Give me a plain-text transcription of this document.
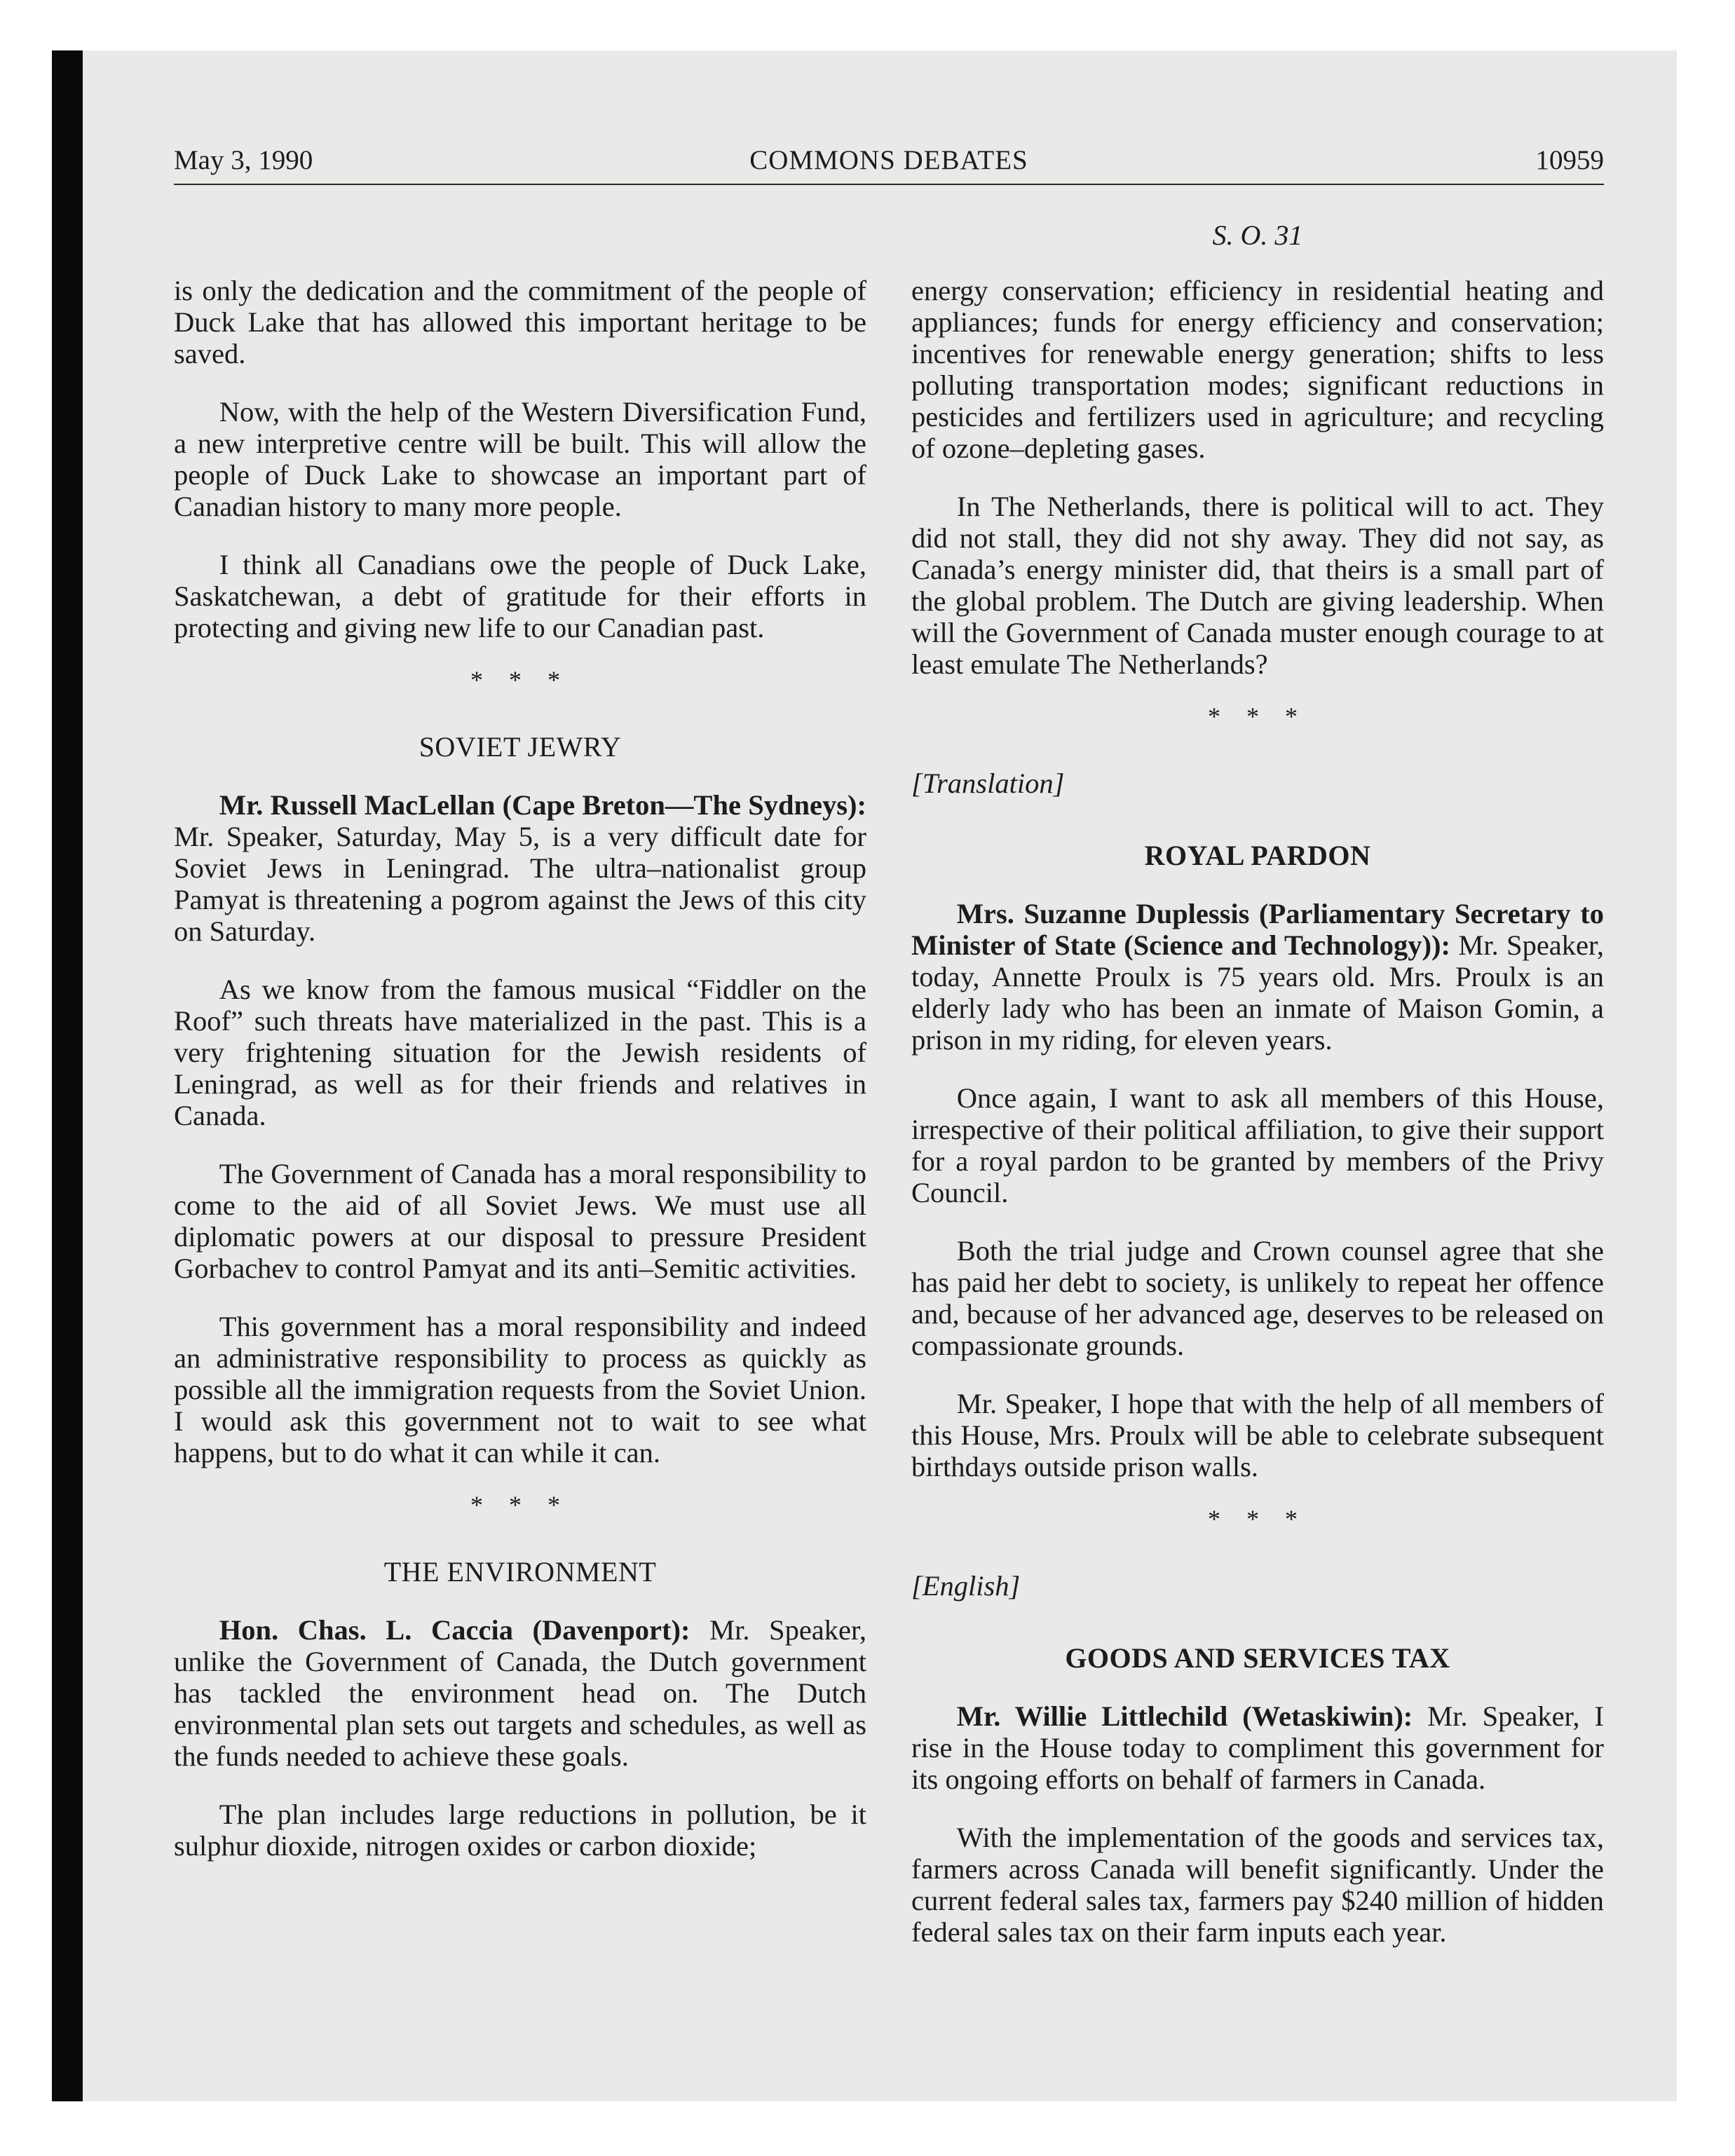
May 3, 1990	COMMONS DEBATES	10959
S. O. 31

is only the dedication and the commitment of the people of Duck Lake that has allowed this important heritage to be saved.

Now, with the help of the Western Diversification Fund, a new interpretive centre will be built. This will allow the people of Duck Lake to showcase an important part of Canadian history to many more people.

I think all Canadians owe the people of Duck Lake, Saskatchewan, a debt of gratitude for their efforts in protecting and giving new life to our Canadian past.

* * *
SOVIET JEWRY

Mr. Russell MacLellan (Cape Breton—The Sydneys): Mr. Speaker, Saturday, May 5, is a very difficult date for Soviet Jews in Leningrad. The ultra–nationalist group Pamyat is threatening a pogrom against the Jews of this city on Saturday.

As we know from the famous musical “Fiddler on the Roof” such threats have materialized in the past. This is a very frightening situation for the Jewish residents of Leningrad, as well as for their friends and relatives in Canada.

The Government of Canada has a moral responsibility to come to the aid of all Soviet Jews. We must use all diplomatic powers at our disposal to pressure President Gorbachev to control Pamyat and its anti–Semitic activities.

This government has a moral responsibility and indeed an administrative responsibility to process as quickly as possible all the immigration requests from the Soviet Union. I would ask this government not to wait to see what happens, but to do what it can while it can.

* * *
THE ENVIRONMENT

Hon. Chas. L. Caccia (Davenport): Mr. Speaker, unlike the Government of Canada, the Dutch government has tackled the environment head on. The Dutch environmental plan sets out targets and schedules, as well as the funds needed to achieve these goals.

The plan includes large reductions in pollution, be it sulphur dioxide, nitrogen oxides or carbon dioxide;

energy conservation; efficiency in residential heating and appliances; funds for energy efficiency and conservation; incentives for renewable energy generation; shifts to less polluting transportation modes; significant reductions in pesticides and fertilizers used in agriculture; and recycling of ozone–depleting gases.

In The Netherlands, there is political will to act. They did not stall, they did not shy away. They did not say, as Canada’s energy minister did, that theirs is a small part of the global problem. The Dutch are giving leadership. When will the Government of Canada muster enough courage to at least emulate The Netherlands?

* * *
[Translation]
ROYAL PARDON

Mrs. Suzanne Duplessis (Parliamentary Secretary to Minister of State (Science and Technology)): Mr. Speaker, today, Annette Proulx is 75 years old. Mrs. Proulx is an elderly lady who has been an inmate of Maison Gomin, a prison in my riding, for eleven years.

Once again, I want to ask all members of this House, irrespective of their political affiliation, to give their support for a royal pardon to be granted by members of the Privy Council.

Both the trial judge and Crown counsel agree that she has paid her debt to society, is unlikely to repeat her offence and, because of her advanced age, deserves to be released on compassionate grounds.

Mr. Speaker, I hope that with the help of all members of this House, Mrs. Proulx will be able to celebrate subsequent birthdays outside prison walls.

* * *
[English]
GOODS AND SERVICES TAX

Mr. Willie Littlechild (Wetaskiwin): Mr. Speaker, I rise in the House today to compliment this government for its ongoing efforts on behalf of farmers in Canada.

With the implementation of the goods and services tax, farmers across Canada will benefit significantly. Under the current federal sales tax, farmers pay $240 million of hidden federal sales tax on their farm inputs each year.
